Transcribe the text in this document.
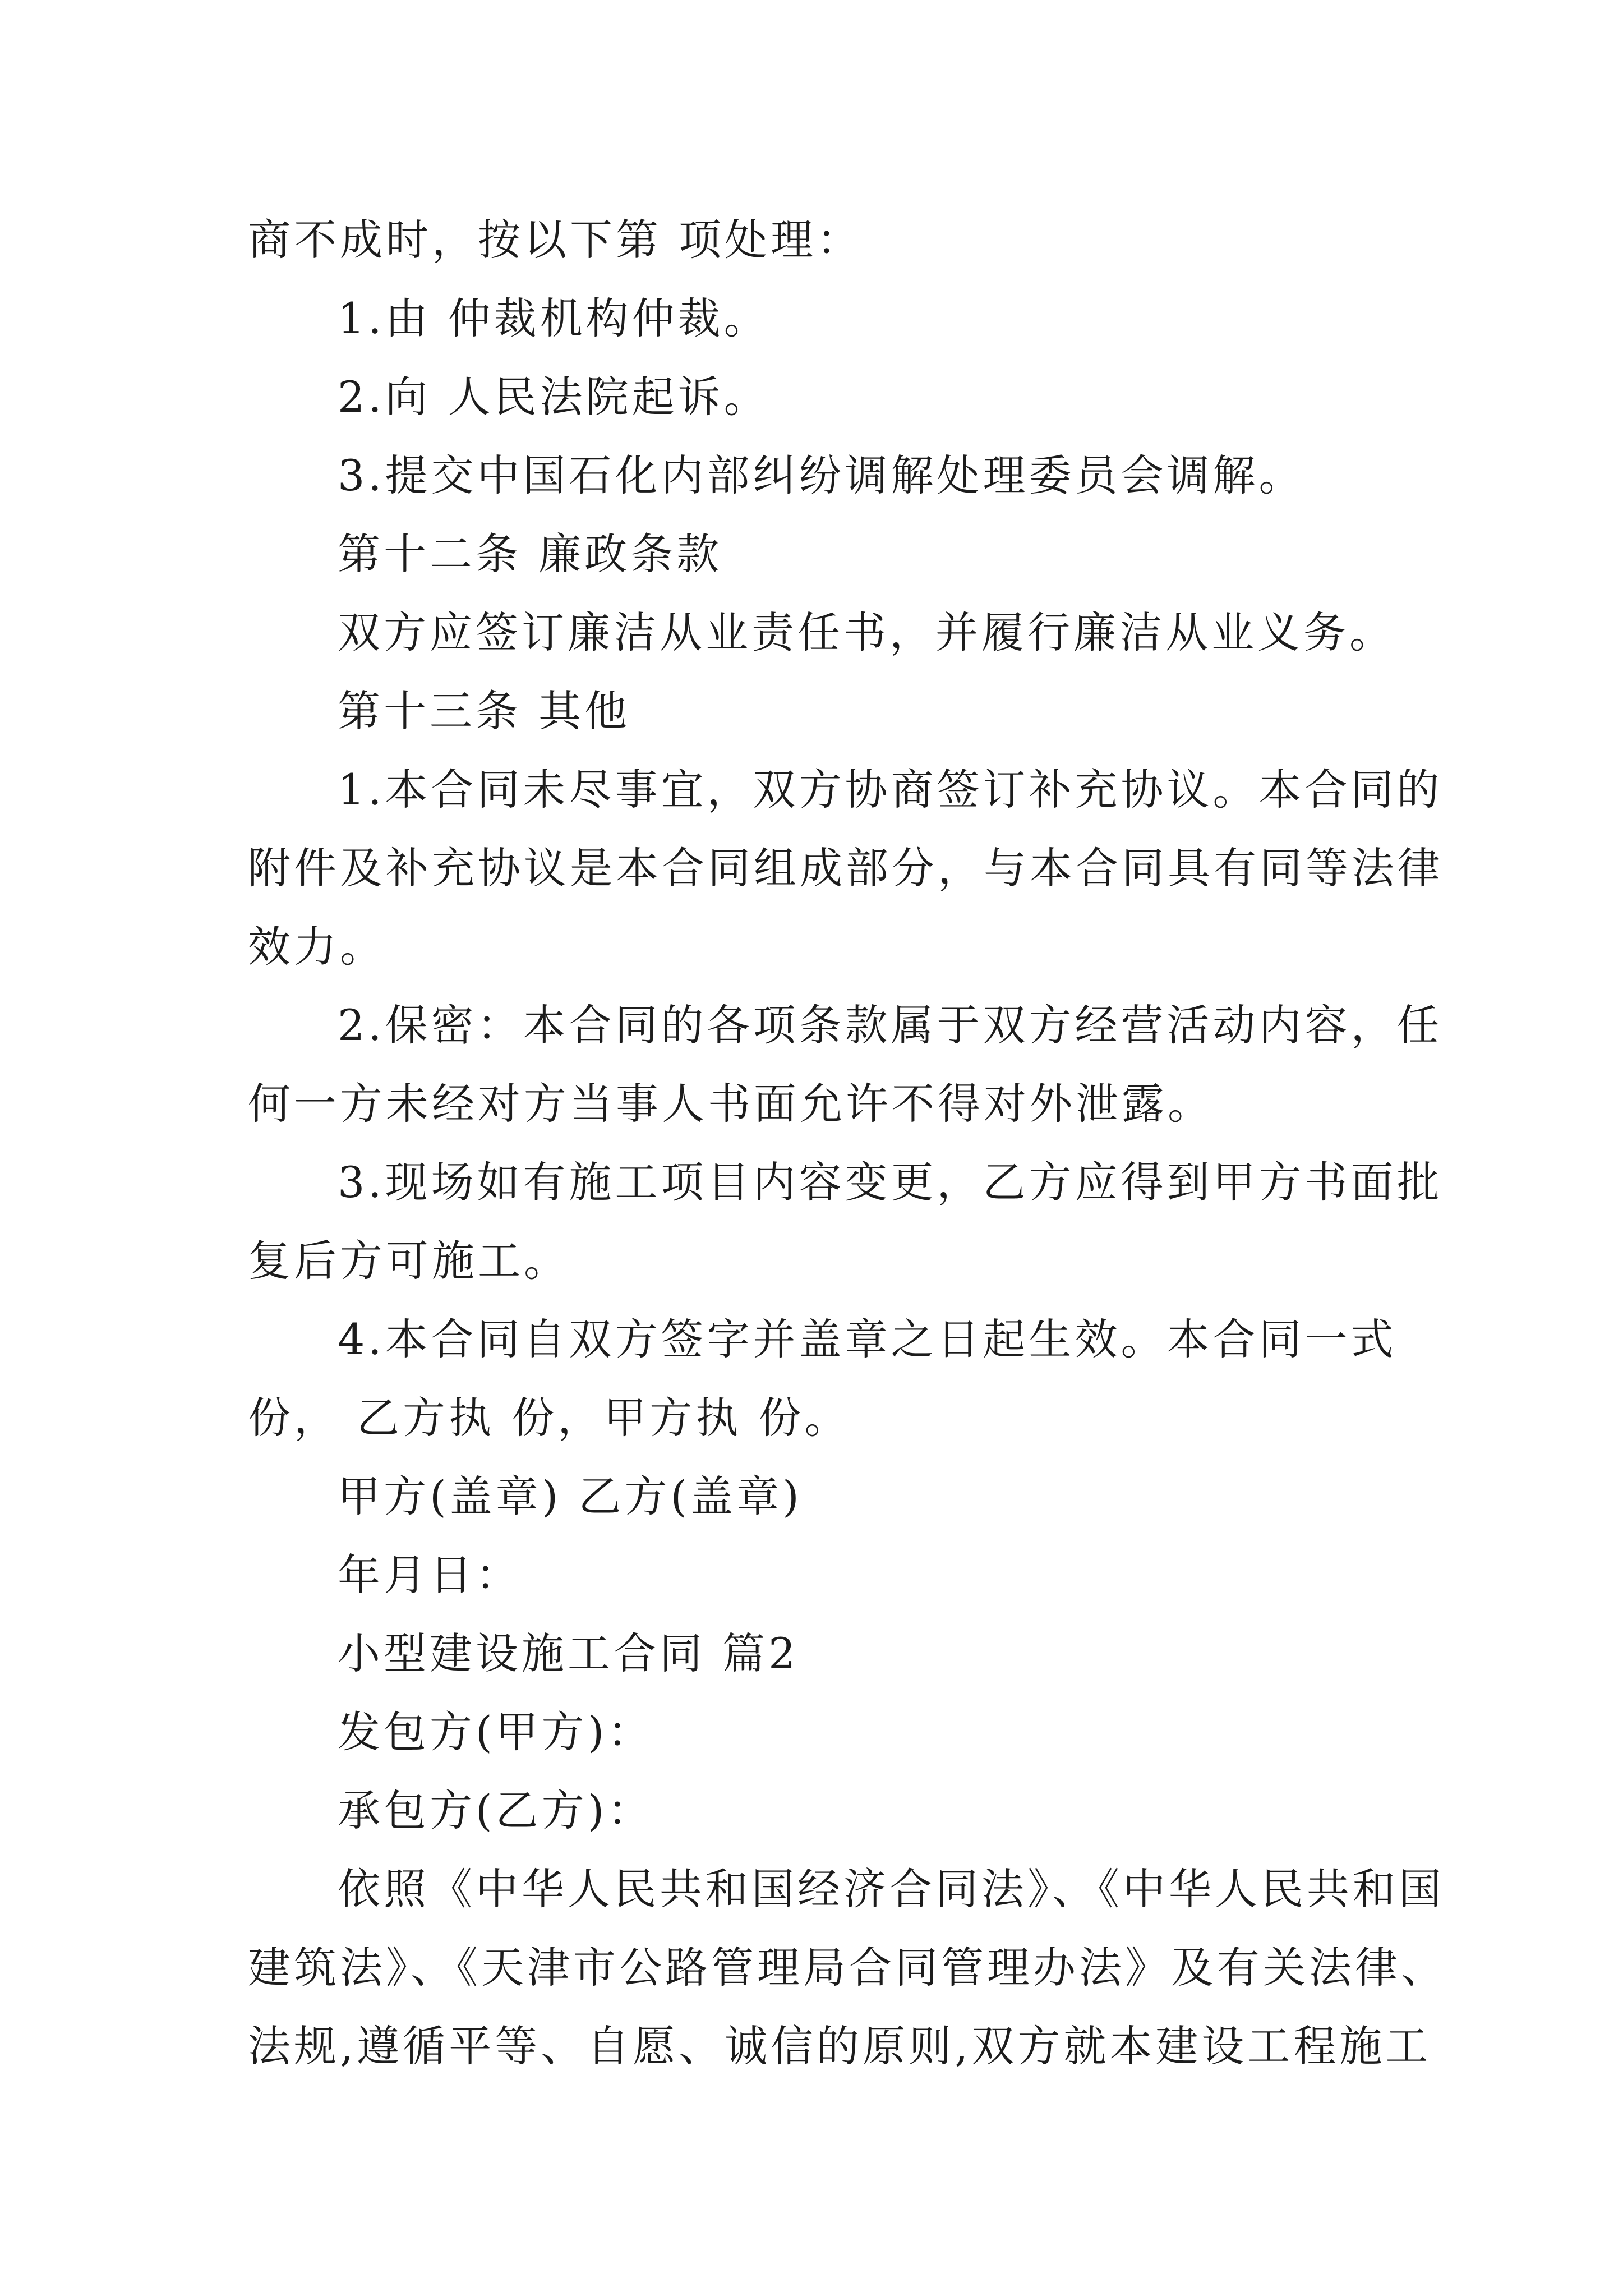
商不成时，按以下第 项处理：
1.由 仲裁机构仲裁。
2.向 人民法院起诉。
3.提交中国石化内部纠纷调解处理委员会调解。
第十二条 廉政条款
双方应签订廉洁从业责任书，并履行廉洁从业义务。
第十三条 其他
1.本合同未尽事宜，双方协商签订补充协议。本合同的
附件及补充协议是本合同组成部分，与本合同具有同等法律
效力。
2.保密：本合同的各项条款属于双方经营活动内容，任
何一方未经对方当事人书面允许不得对外泄露。
3.现场如有施工项目内容变更，乙方应得到甲方书面批
复后方可施工。
4.本合同自双方签字并盖章之日起生效。本合同一式
份， 乙方执 份，甲方执 份。
甲方(盖章) 乙方(盖章)
年月日：
小型建设施工合同 篇2
发包方(甲方)：
承包方(乙方)：
依照《中华人民共和国经济合同法》、《中华人民共和国
建筑法》、《天津市公路管理局合同管理办法》及有关法律、
法规,遵循平等、自愿、诚信的原则,双方就本建设工程施工
